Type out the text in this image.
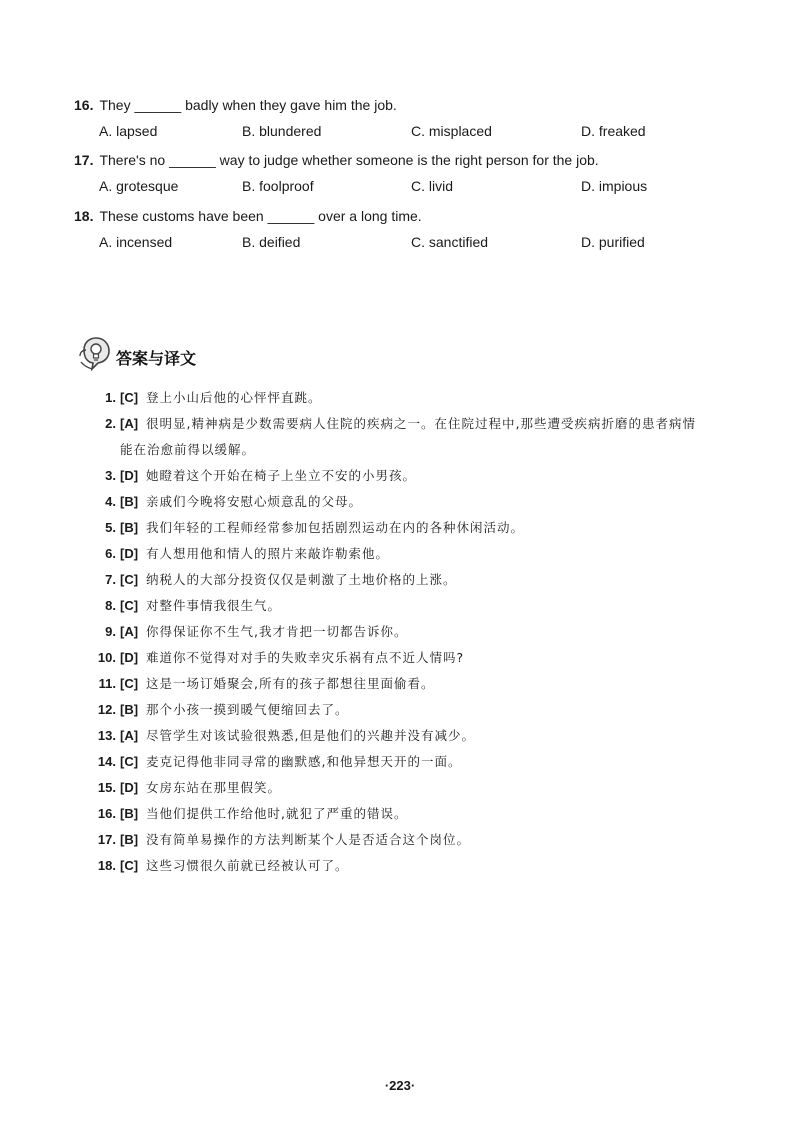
16. They ______ badly when they gave him the job.
A. lapsed	B. blundered	C. misplaced	D. freaked
17. There's no ______ way to judge whether someone is the right person for the job.
A. grotesque	B. foolproof	C. livid	D. impious
18. These customs have been ______ over a long time.
A. incensed	B. deified	C. sanctified	D. purified
答案与译文
1. [C] 登上小山后他的心怦怦直跳。
2. [A] 很明显,精神病是少数需要病人住院的疾病之一。在住院过程中,那些遭受疾病折磨的患者病情
能在治愈前得以缓解。
3. [D] 她瞪着这个开始在椅子上坐立不安的小男孩。
4. [B] 亲戚们今晚将安慰心烦意乱的父母。
5. [B] 我们年轻的工程师经常参加包括剧烈运动在内的各种休闲活动。
6. [D] 有人想用他和情人的照片来敲诈勒索他。
7. [C] 纳税人的大部分投资仅仅是刺激了土地价格的上涨。
8. [C] 对整件事情我很生气。
9. [A] 你得保证你不生气,我才肯把一切都告诉你。
10. [D] 难道你不觉得对对手的失败幸灾乐祸有点不近人情吗?
11. [C] 这是一场订婚聚会,所有的孩子都想往里面偷看。
12. [B] 那个小孩一摸到暖气便缩回去了。
13. [A] 尽管学生对该试验很熟悉,但是他们的兴趣并没有减少。
14. [C] 麦克记得他非同寻常的幽默感,和他异想天开的一面。
15. [D] 女房东站在那里假笑。
16. [B] 当他们提供工作给他时,就犯了严重的错误。
17. [B] 没有简单易操作的方法判断某个人是否适合这个岗位。
18. [C] 这些习惯很久前就已经被认可了。
·223·
